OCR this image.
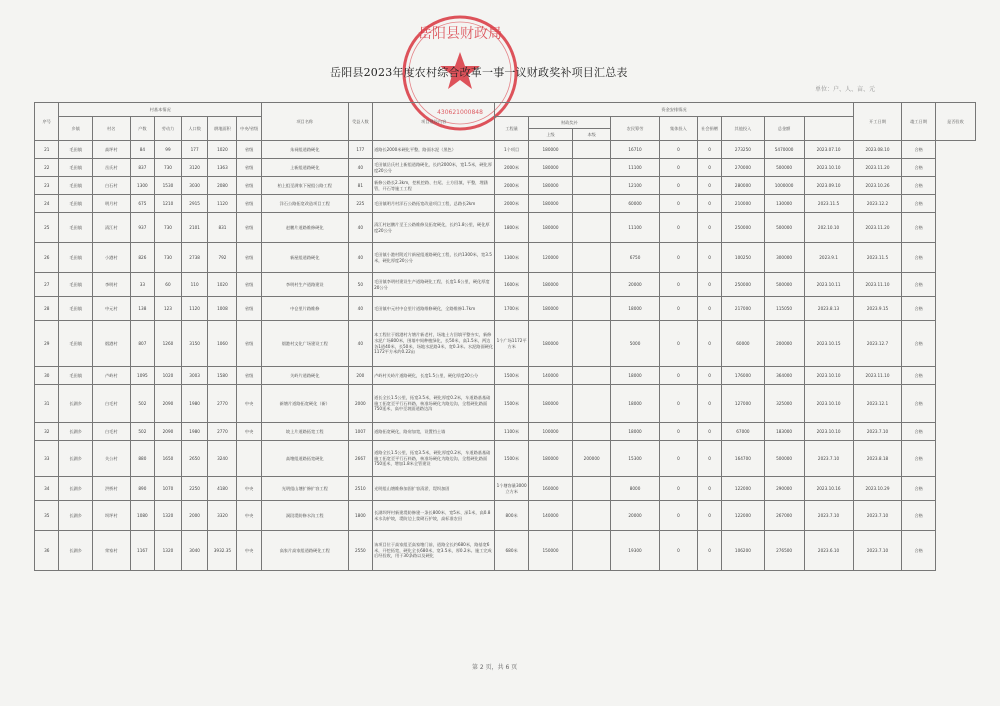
岳阳县财政局
430621000848
岳阳县2023年度农村综合改革一事一议财政奖补项目汇总表
单位：户、人、亩、元
序号	村基本情况							项目名称	受益人数	项目建设内容	资金安排情况									开工日期	竣工日期	是否验收
	乡镇	村名	户数	劳动力	人口数	耕地面积	中央/省级				工程量	财政奖补		农民筹劳	集体投入	社会捐赠	其他投入	总金额				
												上级	本级									
21	毛田镇	高坪村	84	99	177	1020	省级	朱祠组道路硬化	177	道路长2000米硬化平整，路面水泥（黑色）	1个项目	180000		16710	0	0	273250	5470000	2023.07.10	2023.08.10	合格	
22	毛田镇	岳氏村	837	730	3120	1363	省级	上新组道路硬化	40	毛田镇岳氏村上新组道路硬化，长约2000米，宽1.5米，硬化厚度20公分	2000米	180000		11100	0	0	270000	500000	2023.10.10	2023.11.20	合格	
23	毛田镇	白石村	1300	1530	3030	2080	省级	柏上组至满家下屋组公路工程	81	新修公路长2.3km，挖机挖路、扫尾、土方回填，平整，埋涵管，开石等施工工程	2000米	180000		12100	0	0	280000	1000000	2023.09.10	2023.10.26	合格	
24	毛田镇	明月村	675	1210	2915	1120	省级	洋石公路拓宽改造项目工程	225	毛田镇明月村洋石公路拓宽改造项目工程，总路长2km	2000米	180000		60000	0	0	210000	130000	2023.11.5	2023.12.2	合格	
25	毛田镇	清江村	937	730	2101	831	省级	赵鹏片道路维修硬化	40	清江村赵鹏片至王公路维修及拓宽硬化，长约1.8公里，硬化厚度20公分	1800米	180000		11100	0	0	250000	500000	202.10.10	2023.11.20	合格	
26	毛田镇	小港村	826	730	2738	792	省级	新屋组道路硬化	40	毛田镇小港村附近片新屋组道路硬化工程，长约1300米，宽3.5米，硬化厚度20公分	1300米	120000		6750	0	0	100250	300000	2023.9.1	2023.11.5	合格	
27	毛田镇	李明村	33	60	110	1020	省级	李明村生产道路建设	50	毛田镇李明村建设生产道路硬化工程，长度1.6公里，硬化厚度20公分	1600米	180000		20000	0	0	250000	500000	2023.10.11	2023.11.10	合格	
28	毛田镇	中元村	138	123	1120	1008	省级	中仓里片路维修	40	毛田镇中元村中仓里片道路维修硬化，全路维修1.7km	1700米	180000		18000	0	0	217000	115050	2023.8.13	2023.9.15	合格	
29	毛田镇	烟港村	807	1260	3150	1060	省级	烟港村文化广场建设工程	40	本工程位于烟港村方塘片新老村，场地土方回填平整夯实，新修水泥广场800米，围墙中间种植绿化，长50米，高1.5米，两边各1道40米，长50米，场地水泥路3米，宽0.3米。水泥路面硬化1172平方米约0.22亩	1个广场1172平方米	180000		5000	0	0	60000	200000	2023.10.15	2023.12.7	合格	
30	毛田镇	卢岭村	1095	1020	3003	1580	省级	关岭片道路硬化	200	卢岭村关岭片道路硬化，长度1.5公里，硬化厚度20公分	1500米	140000		18000	0	0	176000	364000	2023.10.10	2023.11.10	合格	
31	长湖乡	白毛村	502	2090	1980	2770	中央	新塘片道路拓宽硬化（新）	2000	道长全长1.5公里，拓宽3.5米，硬化厚度0.2米，车道路基基础施工拓宽至平行石料路，核准场硬化为路边沟，全程硬化路面750延米，高中至坡面道路边沟	1500米	180000		18000	0	0	127000	325000	2023.10.10	2023.12.1	合格	
32	长湖乡	白毛村	502	2090	1980	2770	中央	坡上片道路拓宽工程	1007	道路拓宽硬化，路肩加宽，设置挡土墙	1100米	100000		18000	0	0	67000	183000	2023.10.10	2023.7.10	合格	
33	长湖乡	关公村	880	1650	2650	3240		高塘组道路拓宽硬化	2667	道路全长1.5公里，拓宽3.5米，硬化厚度0.2米，车道路基基础施工拓宽至平行石料路，核准场硬化为路边沟，全程硬化路面750延米，增加1.8米全管建设	1500米	180000	200000	15300	0	0	164700	500000	2023.7.10	2023.8.18	合格	
34	长湖乡	洪桥村	890	1070	2250	4180	中央	光明组山塘扩修扩容工程	2510	光明组山塘维修加固扩容清淤，堤坝加固	1个塘容量3000立方米	160000		8000	0	0	122000	290000	2023.10.16	2023.10.29	合格	
35	长湖乡	坝坪村	1080	1320	2000	3320	中央	洞段堤防修水沟工程	1800	长湖坝坪村新建堤防修建一条长800米、宽5米、深1米，高0.8米水沟护坡，堤防边上浆砌石护坡，高标准农田	800米	140000		20000	0	0	122000	267000	2023.7.10	2023.7.10	合格	
36	长湖乡	荣家村	1167	1320	3040	3932.35	中央	高家片高家组道路硬化工程	2550	该项目位于高家组至高家塘门前，道路全长约680米，路基宽6米，开挖拓宽，硬化全长680米，宽3.5米，厚0.2米。施工完成后经验收，用于30条路以及硬化	680米	150000		19300	0	0	106200	276500	2023.6.10	2023.7.10	合格	
第 2 页，共 6 页
